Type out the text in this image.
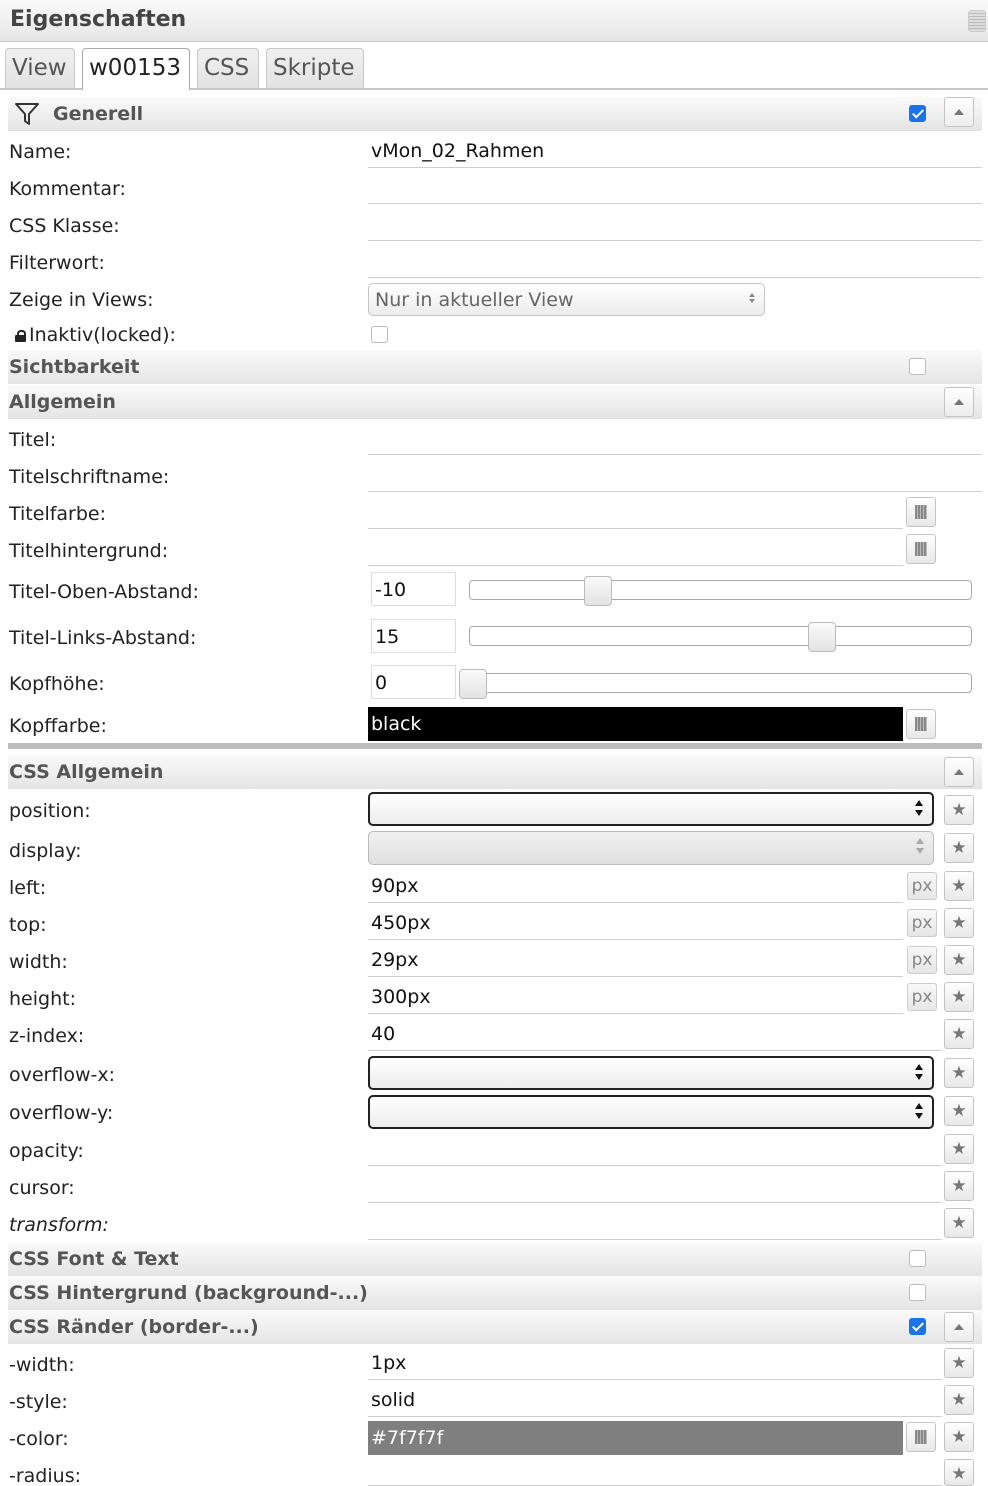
Eigenschaften
View w00153	CSS	Skripte
Generell
Name:	vMon_02_Rahmen
Kommentar:
CSS Klasse:
Filterwort:
Zeige in Views:	Nur in aktueller View
Inaktiv(locked):
Sichtbarkeit
Allgemein
Titel:
Titelschriftname:
Titelfarbe:
Titelhintergrund:
Titel-Oben-Abstand:	-10
Titel-Links-Abstand:	15
Kopfhöhe:	0
Kopffarbe:	black
CSS Allgemein
position:	★
display:	★
left:	90px	px	★
top:	450px	px	★
width:	29px	px	★
height:	300px	px	★
z-index:	40	★
overflow-x:	★
overflow-y:	★
opacity:	★
cursor:	★
transform:	★
CSS Font & Text
CSS Hintergrund (background-...)
CSS Ränder (border-...)
-width:	1px	★
-style:	solid	★
-color:	#7f7f7f	★
-radius:	★
